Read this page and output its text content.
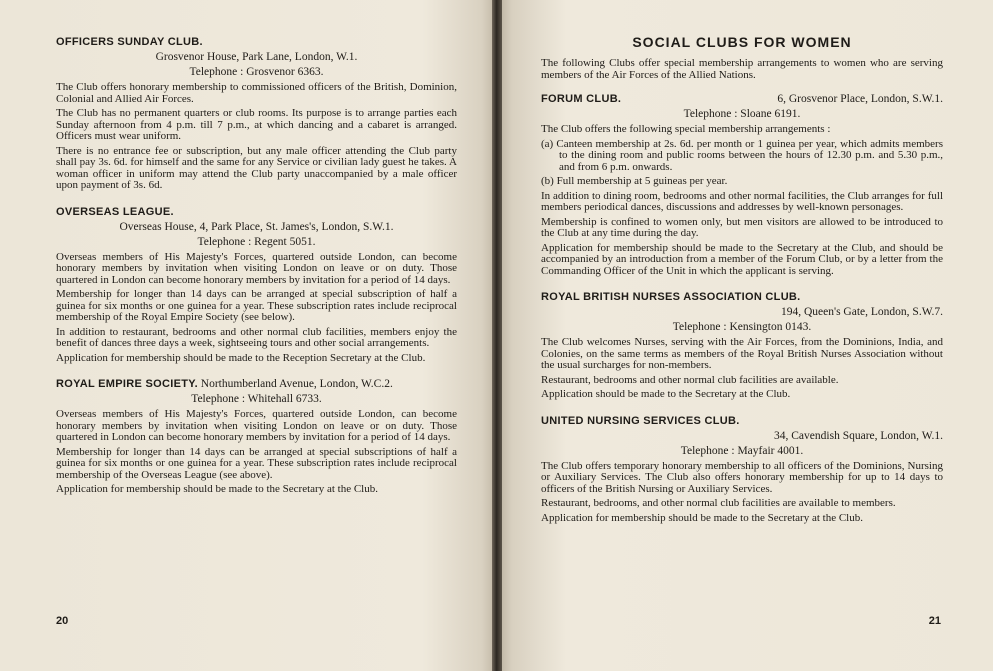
OFFICERS SUNDAY CLUB.

Grosvenor House, Park Lane, London, W.1.

Telephone : Grosvenor 6363.

The Club offers honorary membership to commissioned officers of the British, Dominion, Colonial and Allied Air Forces.

The Club has no permanent quarters or club rooms. Its purpose is to arrange parties each Sunday afternoon from 4 p.m. till 7 p.m., at which dancing and a cabaret is arranged. Officers must wear uniform.

There is no entrance fee or subscription, but any male officer attending the Club party shall pay 3s. 6d. for himself and the same for any Service or civilian lady guest he takes. A woman officer in uniform may attend the Club party unaccompanied by a male officer upon payment of 3s. 6d.

OVERSEAS LEAGUE.

Overseas House, 4, Park Place, St. James's, London, S.W.1.

Telephone : Regent 5051.

Overseas members of His Majesty's Forces, quartered outside London, can become honorary members by invitation when visiting London on leave or on duty. Those quartered in London can become honorary members by invitation for a period of 14 days.

Membership for longer than 14 days can be arranged at special subscription of half a guinea for six months or one guinea for a year. These subscription rates include reciprocal membership of the Royal Empire Society (see below).

In addition to restaurant, bedrooms and other normal club facilities, members enjoy the benefit of dances three days a week, sightseeing tours and other social arrangements.

Application for membership should be made to the Reception Secretary at the Club.

ROYAL EMPIRE SOCIETY. Northumberland Avenue, London, W.C.2.

Telephone : Whitehall 6733.

Overseas members of His Majesty's Forces, quartered outside London, can become honorary members by invitation when visiting London on leave or on duty. Those quartered in London can become honorary members by invitation for a period of 14 days.

Membership for longer than 14 days can be arranged at special subscriptions of half a guinea for six months or one guinea for a year. These subscription rates include reciprocal membership of the Overseas League (see above).

Application for membership should be made to the Secretary at the Club.

20

SOCIAL CLUBS FOR WOMEN

The following Clubs offer special membership arrangements to women who are serving members of the Air Forces of the Allied Nations.

FORUM CLUB.	6, Grosvenor Place, London, S.W.1.

Telephone : Sloane 6191.

The Club offers the following special membership arrangements :

(a) Canteen membership at 2s. 6d. per month or 1 guinea per year, which admits members to the dining room and public rooms between the hours of 12.30 p.m. and 5.30 p.m., and from 6 p.m. onwards.

(b) Full membership at 5 guineas per year.

In addition to dining room, bedrooms and other normal facilities, the Club arranges for full members periodical dances, discussions and addresses by well-known personages.

Membership is confined to women only, but men visitors are allowed to be introduced to the Club at any time during the day.

Application for membership should be made to the Secretary at the Club, and should be accompanied by an introduction from a member of the Forum Club, or by a letter from the Commanding Officer of the Unit in which the applicant is serving.

ROYAL BRITISH NURSES ASSOCIATION CLUB.

194, Queen's Gate, London, S.W.7.

Telephone : Kensington 0143.

The Club welcomes Nurses, serving with the Air Forces, from the Dominions, India, and Colonies, on the same terms as members of the Royal British Nurses Association without the usual surcharges for non-members.

Restaurant, bedrooms and other normal club facilities are available.

Application should be made to the Secretary at the Club.

UNITED NURSING SERVICES CLUB.

34, Cavendish Square, London, W.1.

Telephone : Mayfair 4001.

The Club offers temporary honorary membership to all officers of the Dominions, Nursing or Auxiliary Services. The Club also offers honorary membership for up to 14 days to officers of the British Nursing or Auxiliary Services.

Restaurant, bedrooms, and other normal club facilities are available to members.

Application for membership should be made to the Secretary at the Club.

21
